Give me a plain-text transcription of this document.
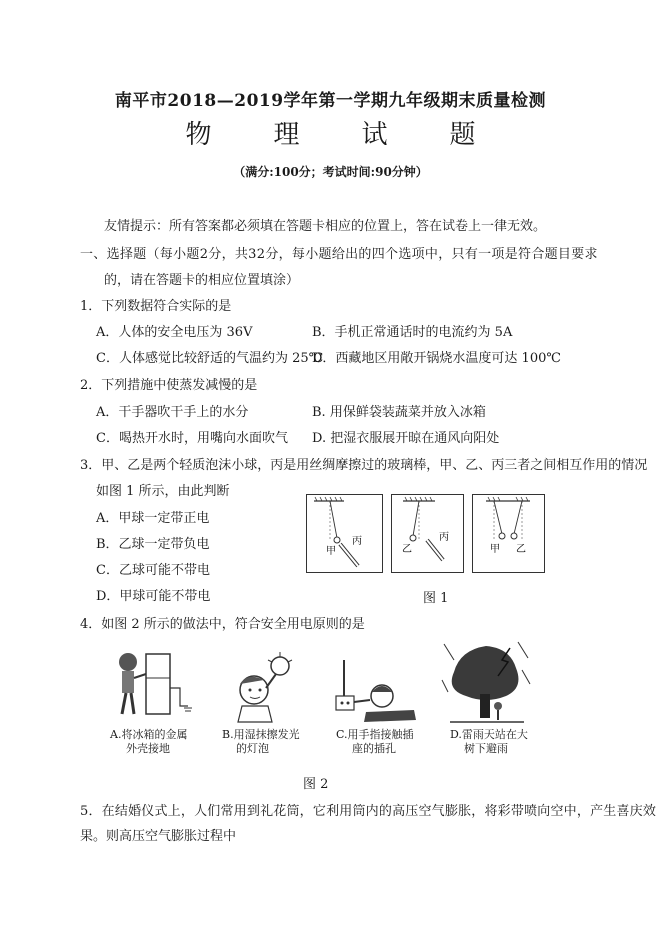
南平市2018—2019学年第一学期九年级期末质量检测
物　理　试　题
（满分:100分；考试时间:90分钟）
友情提示：所有答案都必须填在答题卡相应的位置上，答在试卷上一律无效。
一、选择题（每小题2分，共32分，每小题给出的四个选项中，只有一项是符合题目要求
的，请在答题卡的相应位置填涂）
1．下列数据符合实际的是
A．人体的安全电压为 36V	B．手机正常通话时的电流约为 5A
C．人体感觉比较舒适的气温约为 25℃
D．西藏地区用敞开锅烧水温度可达 100℃
2．下列措施中使蒸发减慢的是
A．干手器吹干手上的水分	B. 用保鲜袋装蔬菜并放入冰箱
C．喝热开水时，用嘴向水面吹气 D. 把湿衣服展开晾在通风向阳处
3．甲、乙是两个轻质泡沫小球，丙是用丝绸摩擦过的玻璃棒，甲、乙、丙三者之间相互作用的情况
如图 1 所示，由此判断
A．甲球一定带正电
B．乙球一定带负电
C．乙球可能不带电
D．甲球可能不带电
甲
丙
乙
丙
甲 乙
图 1
4．如图 2 所示的做法中，符合安全用电原则的是
A.将冰箱的金属
外壳接地
B.用湿抹擦发光
的灯泡
C.用手指接触插
座的插孔
D.雷雨天站在大
树下避雨
图 2
5．在结婚仪式上，人们常用到礼花筒，它利用筒内的高压空气膨胀，将彩带喷向空中，产生喜庆效
果。则高压空气膨胀过程中
